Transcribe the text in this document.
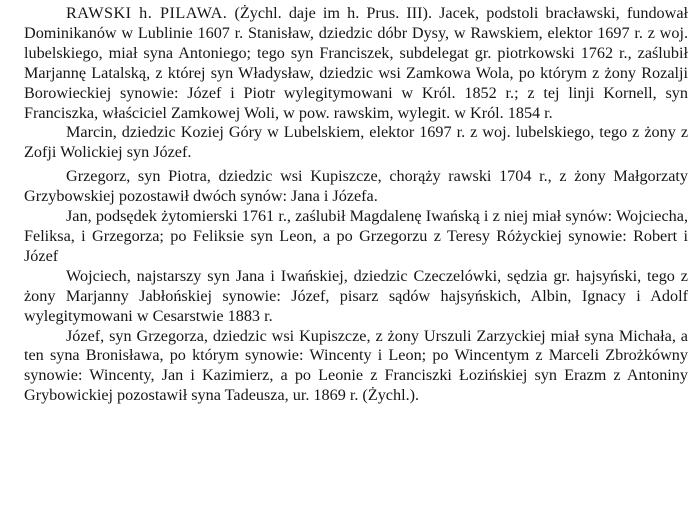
RAWSKI h. PILAWA. (Żychl. daje im h. Prus. III). Jacek, podstoli bracławski, fundował Dominikanów w Lublinie 1607 r. Stanisław, dziedzic dóbr Dysy, w Rawskiem, elektor 1697 r. z woj. lubelskiego, miał syna Antoniego; tego syn Franciszek, subdelegat gr. piotrkowski 1762 r., zaślubił Marjannę Latalską, z której syn Władysław, dziedzic wsi Zamkowa Wola, po którym z żony Rozalji Borowieckiej synowie: Józef i Piotr wylegitymowani w Król. 1852 r.; z tej linji Kornell, syn Franciszka, właściciel Zamkowej Woli, w pow. rawskim, wylegit. w Król. 1854 r.

Marcin, dziedzic Koziej Góry w Lubelskiem, elektor 1697 r. z woj. lubelskiego, tego z żony z Zofji Wolickiej syn Józef.

Grzegorz, syn Piotra, dziedzic wsi Kupiszcze, chorąży rawski 1704 r., z żony Małgorzaty Grzybowskiej pozostawił dwóch synów: Jana i Józefa.

Jan, podsędek żytomierski 1761 r., zaślubił Magdalenę Iwańską i z niej miał synów: Wojciecha, Feliksa, i Grzegorza; po Feliksie syn Leon, a po Grzegorzu z Teresy Różyckiej synowie: Robert i Józef

Wojciech, najstarszy syn Jana i Iwańskiej, dziedzic Czeczelówki, sędzia gr. hajsyński, tego z żony Marjanny Jabłońskiej synowie: Józef, pisarz sądów hajsyńskich, Albin, Ignacy i Adolf wylegitymowani w Cesarstwie 1883 r.

Józef, syn Grzegorza, dziedzic wsi Kupiszcze, z żony Urszuli Zarzyckiej miał syna Michała, a ten syna Bronisława, po którym synowie: Wincenty i Leon; po Wincentym z Marceli Zbrożkówny synowie: Wincenty, Jan i Kazimierz, a po Leonie z Franciszki Łozińskiej syn Erazm z Antoniny Grybowickiej pozostawił syna Tadeusza, ur. 1869 r. (Żychl.).
